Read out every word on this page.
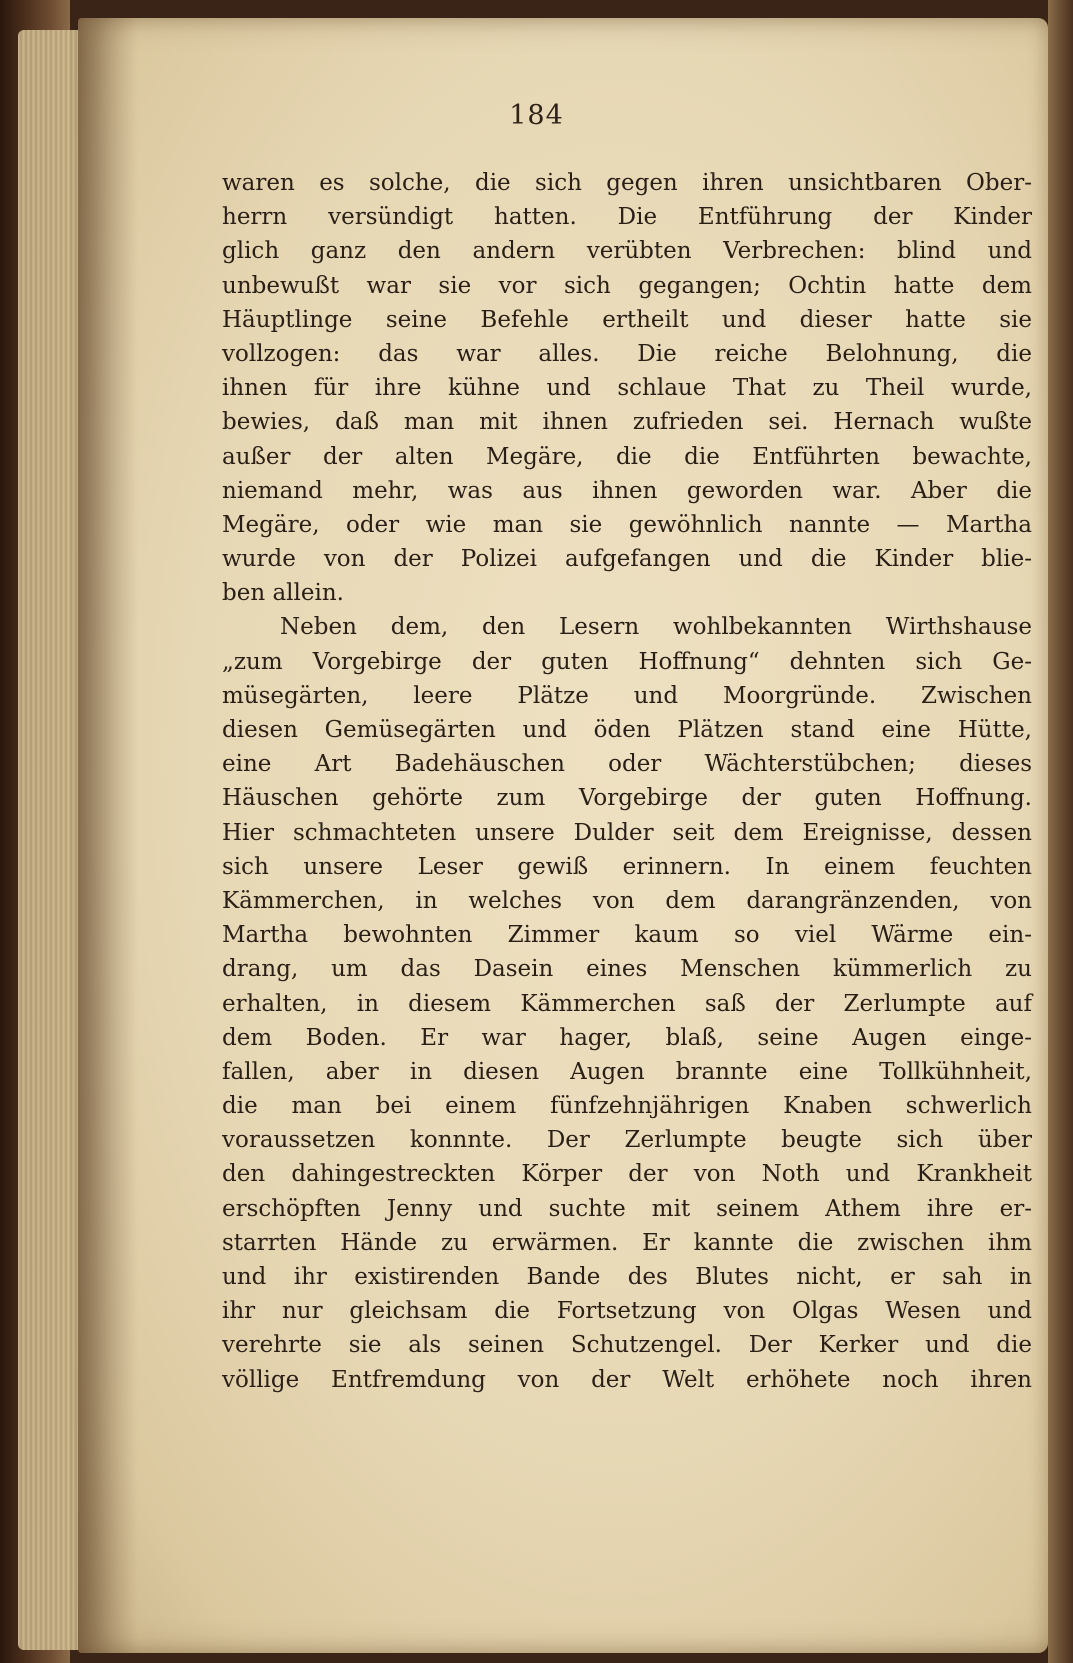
184
waren es solche, die sich gegen ihren unsichtbaren Ober-
herrn versündigt hatten. Die Entführung der Kinder
glich ganz den andern verübten Verbrechen: blind und
unbewußt war sie vor sich gegangen; Ochtin hatte dem
Häuptlinge seine Befehle ertheilt und dieser hatte sie
vollzogen: das war alles. Die reiche Belohnung, die
ihnen für ihre kühne und schlaue That zu Theil wurde,
bewies, daß man mit ihnen zufrieden sei. Hernach wußte
außer der alten Megäre, die die Entführten bewachte,
niemand mehr, was aus ihnen geworden war. Aber die
Megäre, oder wie man sie gewöhnlich nannte — Martha
wurde von der Polizei aufgefangen und die Kinder blie-
ben allein.
Neben dem, den Lesern wohlbekannten Wirthshause
„zum Vorgebirge der guten Hoffnung“ dehnten sich Ge-
müsegärten, leere Plätze und Moorgründe. Zwischen
diesen Gemüsegärten und öden Plätzen stand eine Hütte,
eine Art Badehäuschen oder Wächterstübchen; dieses
Häuschen gehörte zum Vorgebirge der guten Hoffnung.
Hier schmachteten unsere Dulder seit dem Ereignisse, dessen
sich unsere Leser gewiß erinnern. In einem feuchten
Kämmerchen, in welches von dem darangränzenden, von
Martha bewohnten Zimmer kaum so viel Wärme ein-
drang, um das Dasein eines Menschen kümmerlich zu
erhalten, in diesem Kämmerchen saß der Zerlumpte auf
dem Boden. Er war hager, blaß, seine Augen einge-
fallen, aber in diesen Augen brannte eine Tollkühnheit,
die man bei einem fünfzehnjährigen Knaben schwerlich
voraussetzen konnnte. Der Zerlumpte beugte sich über
den dahingestreckten Körper der von Noth und Krankheit
erschöpften Jenny und suchte mit seinem Athem ihre er-
starrten Hände zu erwärmen. Er kannte die zwischen ihm
und ihr existirenden Bande des Blutes nicht, er sah in
ihr nur gleichsam die Fortsetzung von Olgas Wesen und
verehrte sie als seinen Schutzengel. Der Kerker und die
völlige Entfremdung von der Welt erhöhete noch ihren
